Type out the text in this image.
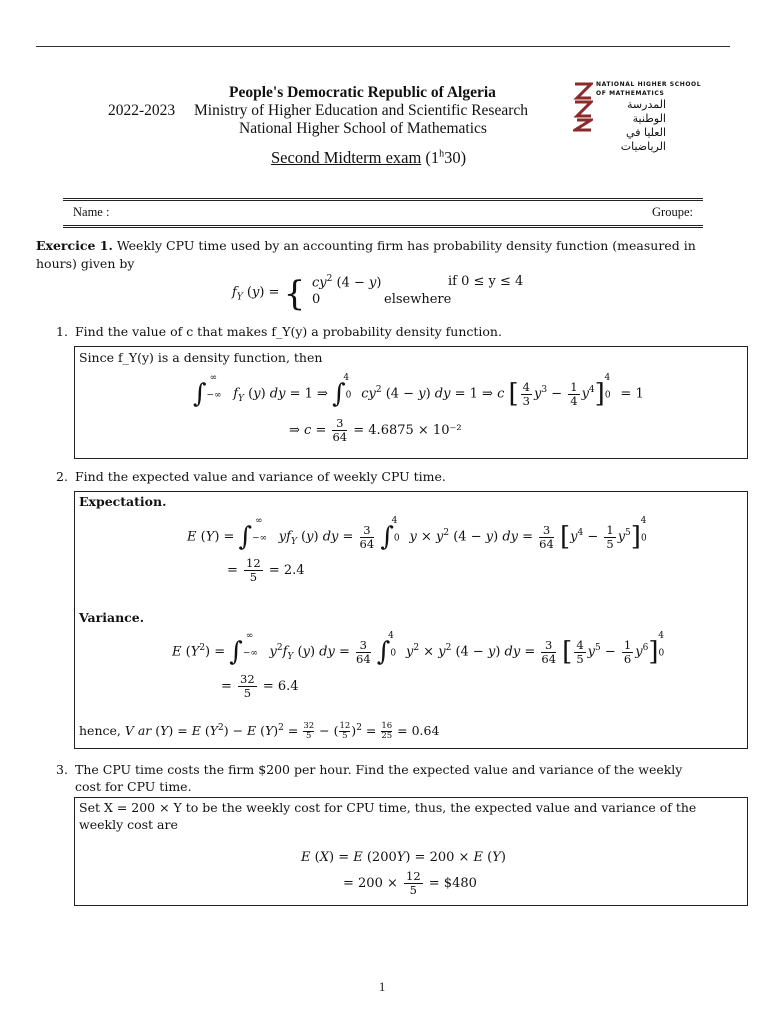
People's Democratic Republic of Algeria
2022-2023 Ministry of Higher Education and Scientific Research
National Higher School of Mathematics
Second Midterm exam (1$^h$30)
NATIONAL HIGHER SCHOOL
OF MATHEMATICS
المدرسة الوطنية
العليا في الرياضيات
Name :	Groupe:
Exercice 1. Weekly CPU time used by an accounting firm has probability density function (measured in
hours) given by
$f_Y$ (y) = { $cy^2$ (4 − y)
0
if 0 ≤ y ≤ 4
elsewhere
1. Find the value of c that makes f_Y(y) a probability density function.
Since f_Y(y) is a density function, then
∫−∞∞ $f_Y$ (y) dy = 1 ⇒ $\int 0^4$ $cy^2$ (4 − y) dy = 1 ⇒ c [ $\frac{4}{3} y^3 - \frac{1}{4} y^4]0^4 = 1$
⇒ $c = \frac{3}{64} = 4.6875 \times 10^{-2}$
2. Find the expected value and variance of weekly CPU time.
Expectation.
E (Y) = ∫−∞∞ $yf_Y$ (y) dy = $\frac{3}{64} \int 0^4$ $y \times y^2$ (4 − y) dy = $\frac{3}{64} [y^4 - \frac{1}{5} y^5]0^4$
= $\frac{12}{5} = 2.4$
Variance.
E $(Y^2) = \int-\infty^\infty$ $y^2f_Y$ (y) dy = $\frac{3}{64} \int 0^4$ $y^2 \times y^2$ (4 − y) dy = $\frac{3}{64}$ [ $\frac{4}{5} y^5 - \frac{1}{6} y^6]0^4$
= $\frac{32}{5} = 6.4$
hence, V ar (Y) = E $(Y^2) - E$ $(Y)^2 = \frac{32}{5}$ − ( $\frac{12}{5} )^2 = \frac{16}{25} = 0.64$
3. The CPU time costs the firm $200 per hour. Find the expected value and variance of the weekly
cost for CPU time.
Set X = 200 × Y to be the weekly cost for CPU time, thus, the expected value and variance of the
weekly cost are
E (X) = E (200Y) = 200 × E (Y)
= $200 \times \frac{12}{5}$ = $480
1
